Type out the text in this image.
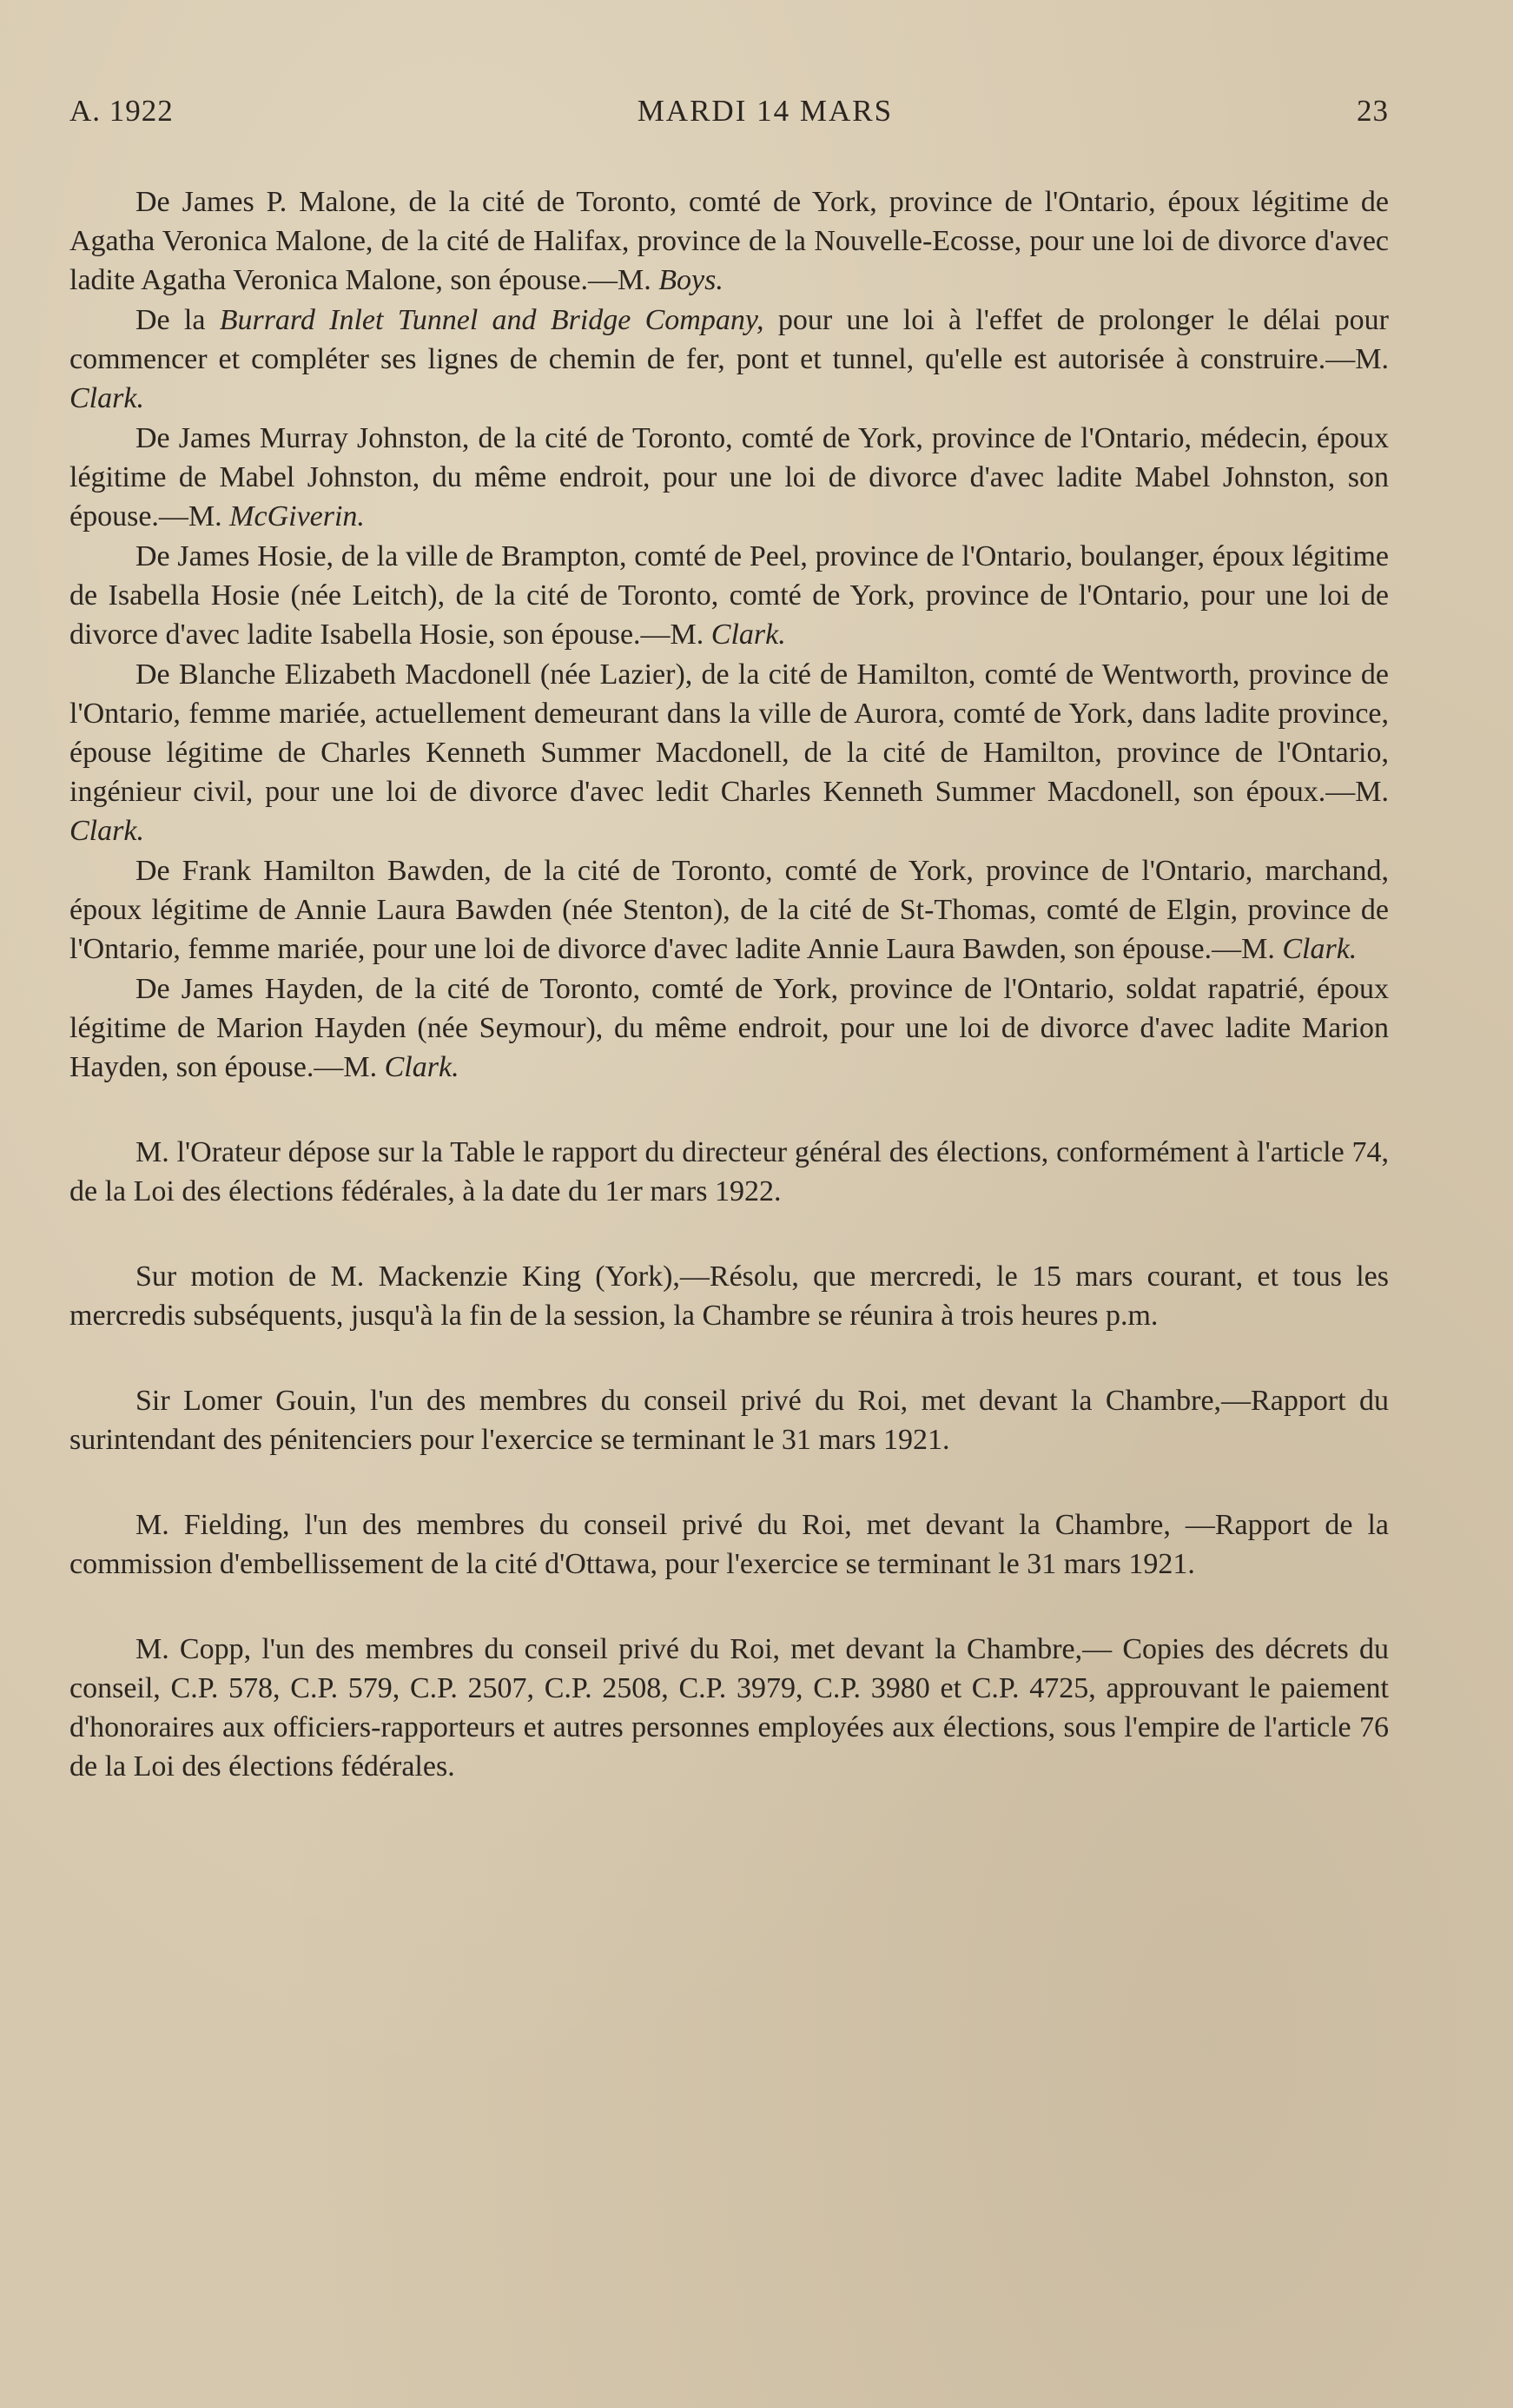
A. 1922	MARDI 14 MARS	23

De James P. Malone, de la cité de Toronto, comté de York, province de l'Ontario, époux légitime de Agatha Veronica Malone, de la cité de Halifax, province de la Nouvelle-Ecosse, pour une loi de divorce d'avec ladite Agatha Veronica Malone, son épouse.—M. Boys.

De la Burrard Inlet Tunnel and Bridge Company, pour une loi à l'effet de prolonger le délai pour commencer et compléter ses lignes de chemin de fer, pont et tunnel, qu'elle est autorisée à construire.—M. Clark.

De James Murray Johnston, de la cité de Toronto, comté de York, province de l'Ontario, médecin, époux légitime de Mabel Johnston, du même endroit, pour une loi de divorce d'avec ladite Mabel Johnston, son épouse.—M. McGiverin.

De James Hosie, de la ville de Brampton, comté de Peel, province de l'Ontario, boulanger, époux légitime de Isabella Hosie (née Leitch), de la cité de Toronto, comté de York, province de l'Ontario, pour une loi de divorce d'avec ladite Isabella Hosie, son épouse.—M. Clark.

De Blanche Elizabeth Macdonell (née Lazier), de la cité de Hamilton, comté de Wentworth, province de l'Ontario, femme mariée, actuellement demeurant dans la ville de Aurora, comté de York, dans ladite province, épouse légitime de Charles Kenneth Summer Macdonell, de la cité de Hamilton, province de l'Ontario, ingénieur civil, pour une loi de divorce d'avec ledit Charles Kenneth Summer Macdonell, son époux.—M. Clark.

De Frank Hamilton Bawden, de la cité de Toronto, comté de York, province de l'Ontario, marchand, époux légitime de Annie Laura Bawden (née Stenton), de la cité de St-Thomas, comté de Elgin, province de l'Ontario, femme mariée, pour une loi de divorce d'avec ladite Annie Laura Bawden, son épouse.—M. Clark.

De James Hayden, de la cité de Toronto, comté de York, province de l'Ontario, soldat rapatrié, époux légitime de Marion Hayden (née Seymour), du même endroit, pour une loi de divorce d'avec ladite Marion Hayden, son épouse.—M. Clark.

M. l'Orateur dépose sur la Table le rapport du directeur général des élections, conformément à l'article 74, de la Loi des élections fédérales, à la date du 1er mars 1922.

Sur motion de M. Mackenzie King (York),—Résolu, que mercredi, le 15 mars courant, et tous les mercredis subséquents, jusqu'à la fin de la session, la Chambre se réunira à trois heures p.m.

Sir Lomer Gouin, l'un des membres du conseil privé du Roi, met devant la Chambre,—Rapport du surintendant des pénitenciers pour l'exercice se terminant le 31 mars 1921.

M. Fielding, l'un des membres du conseil privé du Roi, met devant la Chambre, —Rapport de la commission d'embellissement de la cité d'Ottawa, pour l'exercice se terminant le 31 mars 1921.

M. Copp, l'un des membres du conseil privé du Roi, met devant la Chambre,— Copies des décrets du conseil, C.P. 578, C.P. 579, C.P. 2507, C.P. 2508, C.P. 3979, C.P. 3980 et C.P. 4725, approuvant le paiement d'honoraires aux officiers-rapporteurs et autres personnes employées aux élections, sous l'empire de l'article 76 de la Loi des élections fédérales.
